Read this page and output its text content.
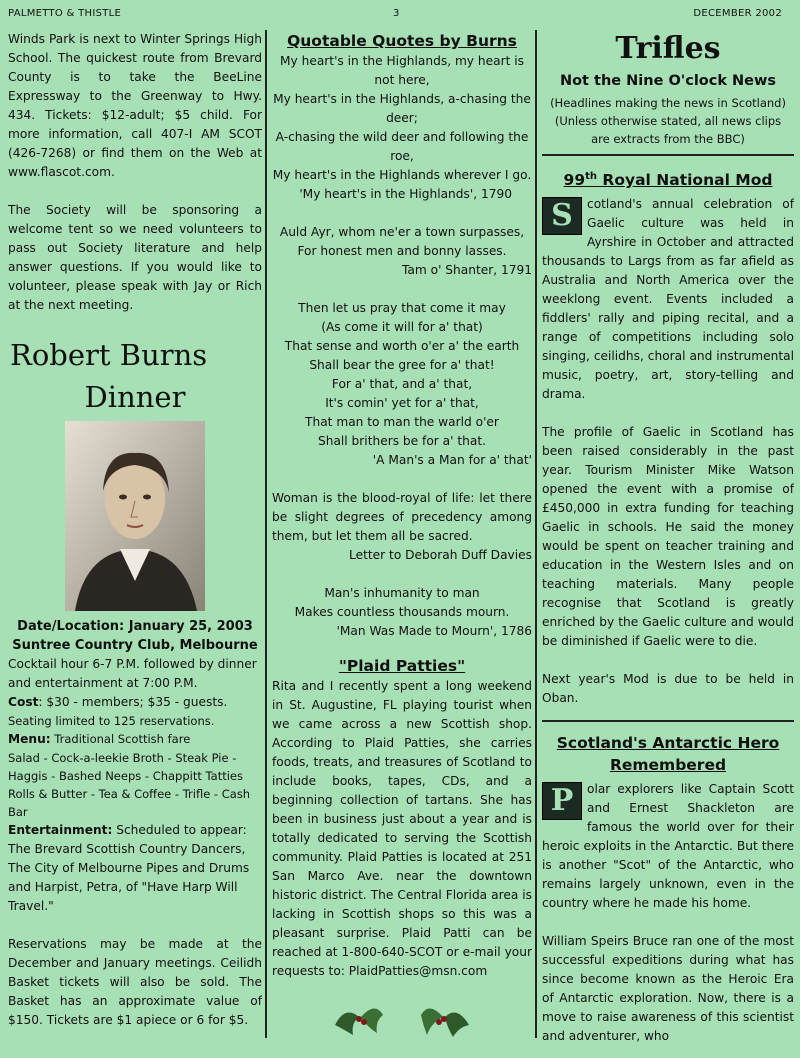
PALMETTO & THISTLE	3	DECEMBER 2002

Winds Park is next to Winter Springs High School. The quickest route from Brevard County is to take the BeeLine Expressway to the Greenway to Hwy. 434. Tickets: $12-adult; $5 child. For more information, call 407-I AM SCOT (426-7268) or find them on the Web at www.flascot.com.

The Society will be sponsoring a welcome tent so we need volunteers to pass out Society literature and help answer questions. If you would like to volunteer, please speak with Jay or Rich at the next meeting.

Robert Burns

Dinner

Date/Location: January 25, 2003

Suntree Country Club, Melbourne

Cocktail hour 6-7 P.M. followed by dinner and entertainment at 7:00 P.M.

Cost: $30 - members; $35 - guests.

Seating limited to 125 reservations.

Menu: Traditional Scottish fare

Salad - Cock-a-leekie Broth - Steak Pie - Haggis - Bashed Neeps - Chappitt Tatties Rolls & Butter - Tea & Coffee - Trifle - Cash Bar

Entertainment: Scheduled to appear: The Brevard Scottish Country Dancers, The City of Melbourne Pipes and Drums and Harpist, Petra, of "Have Harp Will Travel."

Reservations may be made at the December and January meetings. Ceilidh Basket tickets will also be sold. The Basket has an approximate value of $150. Tickets are $1 apiece or 6 for $5.

Quotable Quotes by Burns

My heart's in the Highlands, my heart is not here,

My heart's in the Highlands, a-chasing the deer;

A-chasing the wild deer and following the roe,

My heart's in the Highlands wherever I go.

'My heart's in the Highlands', 1790

Auld Ayr, whom ne'er a town surpasses,

For honest men and bonny lasses.

Tam o' Shanter, 1791

Then let us pray that come it may

(As come it will for a' that)

That sense and worth o'er a' the earth

Shall bear the gree for a' that!

For a' that, and a' that,

It's comin' yet for a' that,

That man to man the warld o'er

Shall brithers be for a' that.

'A Man's a Man for a' that'

Woman is the blood-royal of life: let there be slight degrees of precedency among them, but let them all be sacred.

Letter to Deborah Duff Davies

Man's inhumanity to man

Makes countless thousands mourn.

'Man Was Made to Mourn', 1786

"Plaid Patties"

Rita and I recently spent a long weekend in St. Augustine, FL playing tourist when we came across a new Scottish shop. According to Plaid Patties, she carries foods, treats, and treasures of Scotland to include books, tapes, CDs, and a beginning collection of tartans. She has been in business just about a year and is totally dedicated to serving the Scottish community. Plaid Patties is located at 251 San Marco Ave. near the downtown historic district. The Central Florida area is lacking in Scottish shops so this was a pleasant surprise. Plaid Patti can be reached at 1-800-640-SCOT or e-mail your requests to: PlaidPatties@msn.com

Trifles

Not the Nine O'clock News

(Headlines making the news in Scotland) (Unless otherwise stated, all news clips are extracts from the BBC)

99th Royal National Mod

S	cotland's annual celebration of Gaelic culture was held in Ayrshire in October and attracted thousands to Largs from as far afield as Australia and North America over the weeklong event. Events included a fiddlers' rally and piping recital, and a range of competitions including solo singing, ceilidhs, choral and instrumental music, poetry, art, story-telling and drama.

The profile of Gaelic in Scotland has been raised considerably in the past year. Tourism Minister Mike Watson opened the event with a promise of £450,000 in extra funding for teaching Gaelic in schools. He said the money would be spent on teacher training and education in the Western Isles and on teaching materials. Many people recognise that Scotland is greatly enriched by the Gaelic culture and would be diminished if Gaelic were to die.

Next year's Mod is due to be held in Oban.

Scotland's Antarctic Hero Remembered

P	olar explorers like Captain Scott and Ernest Shackleton are famous the world over for their heroic exploits in the Antarctic. But there is another "Scot" of the Antarctic, who remains largely unknown, even in the country where he made his home.

William Speirs Bruce ran one of the most successful expeditions during what has since become known as the Heroic Era of Antarctic exploration. Now, there is a move to raise awareness of this scientist and adventurer, who
